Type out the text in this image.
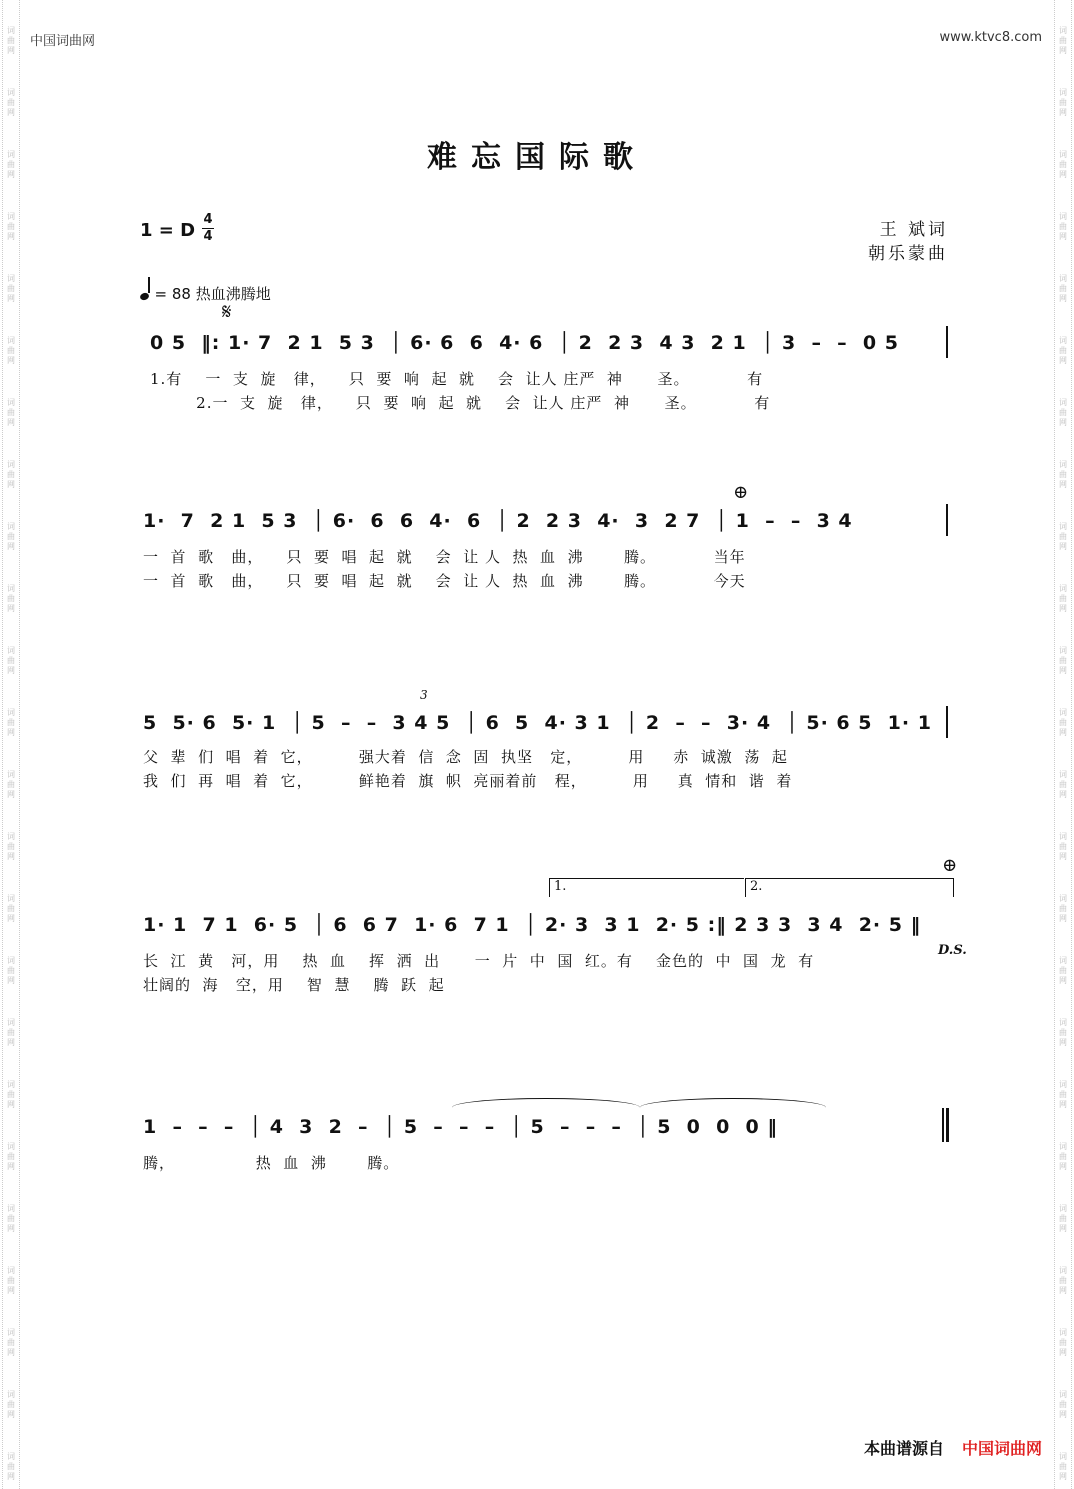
中国词曲网	www.ktvc8.com
词
曲
网
词
曲
网
词
曲
网
词
曲
网
词
曲
网
词
曲
网
词
曲
网
词
曲
网
词
曲
网
词
曲
网
词
曲
网
词
曲
网
词
曲
网
词
曲
网
词
曲
网
词
曲
网
词
曲
网
词
曲
网
词
曲
网
词
曲
网
词
曲
网
词
曲
网
词
曲
网
词
曲
网
词
曲
网
词
曲
网
词
曲
网
词
曲
网
词
曲
网
词
曲
网
词
曲
网
词
曲
网
词
曲
网
词
曲
网
词
曲
网
词
曲
网
词
曲
网
词
曲
网
词
曲
网
词
曲
网
词
曲
网
词
曲
网
词
曲
网
词
曲
网
词
曲
网
词
曲
网
词
曲
网
词
曲
网
难忘国际歌
1 = D
4
4	王 斌词
朝乐蒙曲
= 88 热血沸腾地
𝄋
0 5  ‖: 1· 7  2 1  5 3  │ 6· 6  6  4· 6  │ 2  2 3  4 3  2 1  │ 3  –  –  0 5
1.有    一  支  旋   律，    只  要  响  起  就    会  让人 庄严  神      圣。          有
2.一  支  旋   律，    只  要  响  起  就    会  让人 庄严  神      圣。          有
1·  7  2 1  5 3  │ 6·  6  6  4·  6  │ 2  2 3  4·  3  2 7  │ 1  –  –  3 4
一  首  歌   曲，    只  要  唱  起  就    会  让 人  热  血  沸       腾。          当年
一  首  歌   曲，    只  要  唱  起  就    会  让 人  热  血  沸       腾。          今天
⊕
5  5· 6  5· 1  │ 5  –  –  3 4 5  │ 6  5  4· 3 1  │ 2  –  –  3· 4  │ 5· 6 5  1· 1
父  辈  们  唱  着  它，        强大着  信  念  固  执坚   定，        用     赤  诚激  荡  起
我  们  再  唱  着  它，        鲜艳着  旗  帜  亮丽着前   程，        用     真  情和  谐  着
3
1.	2.
⊕
1· 1  7 1  6· 5  │ 6  6 7  1· 6  7 1  │ 2· 3  3 1  2· 5 :‖ 2 3 3  3 4  2· 5 ‖
长  江  黄   河，用    热  血    挥  洒  出      一  片  中  国  红。有    金色的  中  国  龙  有
壮阔的  海   空，用    智  慧    腾  跃  起
D.S.
1  –  –  –  │ 4  3  2  –  │ 5  –  –  –  │ 5  –  –  –  │ 5  0  0  0 ‖
腾，              热  血  沸       腾。
本曲谱源自 中国词曲网
